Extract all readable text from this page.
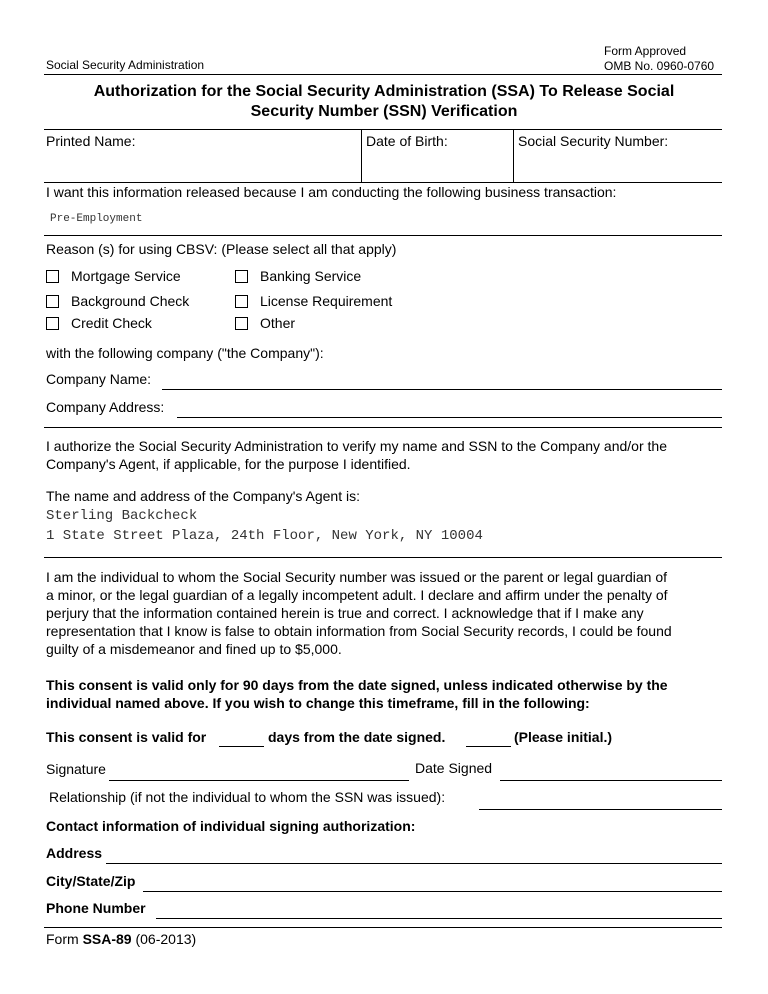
Form Approved
Social Security Administration	OMB No. 0960-0760
Authorization for the Social Security Administration (SSA) To Release Social
Security Number (SSN) Verification
Printed Name:	Date of Birth:	Social Security Number:
I want this information released because I am conducting the following business transaction:
Pre-Employment
Reason (s) for using CBSV: (Please select all that apply)
Mortgage Service	Banking Service
Background Check	License Requirement
Credit Check	Other
with the following company ("the Company"):
Company Name:
Company Address:
I authorize the Social Security Administration to verify my name and SSN to the Company and/or the
Company's Agent, if applicable, for the purpose I identified.
The name and address of the Company's Agent is:
Sterling Backcheck
1 State Street Plaza, 24th Floor, New York, NY 10004
I am the individual to whom the Social Security number was issued or the parent or legal guardian of
a minor, or the legal guardian of a legally incompetent adult. I declare and affirm under the penalty of
perjury that the information contained herein is true and correct. I acknowledge that if I make any
representation that I know is false to obtain information from Social Security records, I could be found
guilty of a misdemeanor and fined up to $5,000.
This consent is valid only for 90 days from the date signed, unless indicated otherwise by the
individual named above. If you wish to change this timeframe, fill in the following:
This consent is valid for	days from the date signed.	(Please initial.)
Signature	Date Signed
Relationship (if not the individual to whom the SSN was issued):
Contact information of individual signing authorization:
Address
City/State/Zip
Phone Number
Form SSA-89 (06-2013)
